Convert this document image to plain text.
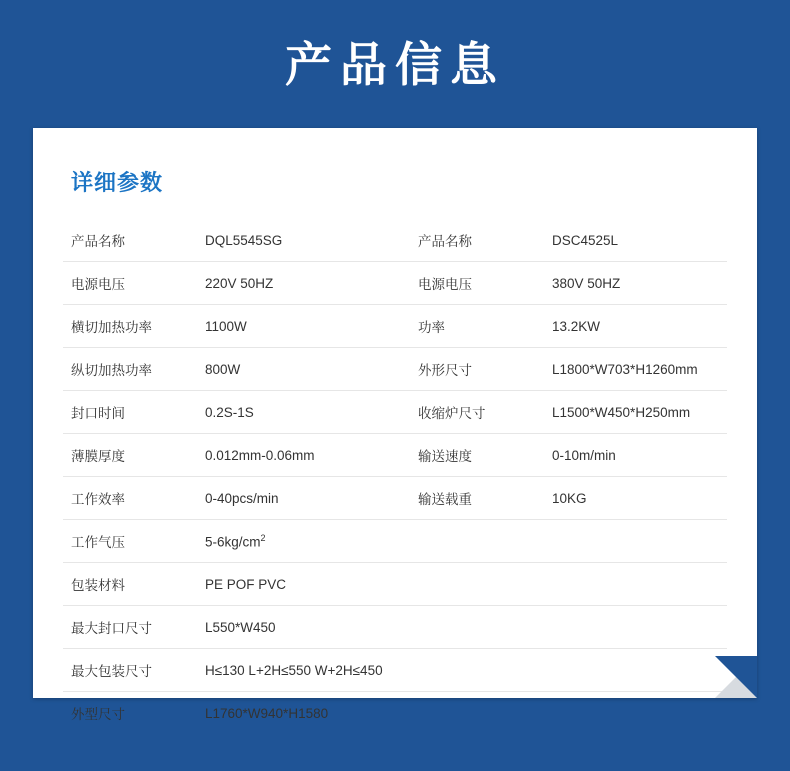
产品信息
详细参数
产品名称	DQL5545SG		产品名称	DSC4525L
电源电压	220V 50HZ		电源电压	380V 50HZ
横切加热功率	1100W		功率	13.2KW
纵切加热功率	800W		外形尺寸	L1800*W703*H1260mm
封口时间	0.2S-1S		收缩炉尺寸	L1500*W450*H250mm
薄膜厚度	0.012mm-0.06mm		输送速度	0-10m/min
工作效率	0-40pcs/min		输送载重	10KG
工作气压	$5-6kg/cm^2$			
包装材料	PE POF PVC			
最大封口尺寸	L550*W450			
最大包装尺寸	H≤130 L+2H≤550 W+2H≤450			
外型尺寸	L1760*W940*H1580			
